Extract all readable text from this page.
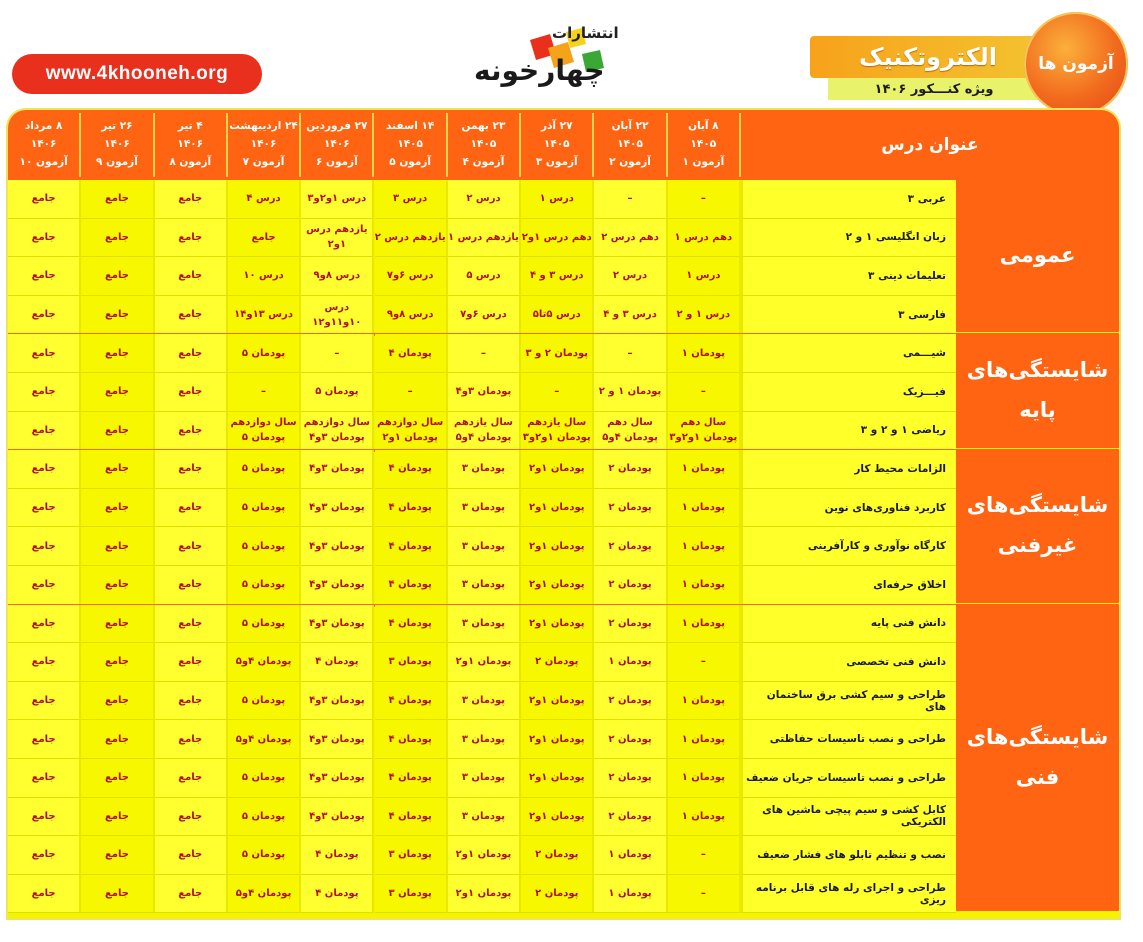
www.4khooneh.org
انتشارات
چهارخونه	الکتروتکنیک
ویژه کنـــکور ۱۴۰۶
آزمون ها
عنوان درس
۸ آبان
۱۴۰۵
آزمون ۱
۲۲ آبان
۱۴۰۵
آزمون ۲
۲۷ آذر
۱۴۰۵
آزمون ۳
۲۳ بهمن
۱۴۰۵
آزمون ۴
۱۴ اسفند
۱۴۰۵
آزمون ۵
۲۷ فروردین
۱۴۰۶
آزمون ۶
۲۴ اردیبهشت
۱۴۰۶
آزمون ۷
۴ تیر
۱۴۰۶
آزمون ۸
۲۶ تیر
۱۴۰۶
آزمون ۹
۸ مرداد
۱۴۰۶
آزمون ۱۰
عمومی
عربی ۳
–
–
درس ۱
درس ۲
درس ۳
درس ۱و۲و۳
درس ۴
جامع
جامع
جامع
زبان انگلیسی ۱ و ۲
دهم درس ۱
دهم درس ۲
دهم درس ۱و۲
یازدهم درس ۱
یازدهم درس ۲
یازدهم درس ۱و۲
جامع
جامع
جامع
جامع
تعلیمات دینی ۳
درس ۱
درس ۲
درس ۳ و ۴
درس ۵
درس ۶و۷
درس ۸و۹
درس ۱۰
جامع
جامع
جامع
فارسی ۳
درس ۱ و ۲
درس ۳ و ۴
درس ۵تا۵
درس ۶و۷
درس ۸و۹
درس ۱۰و۱۱و۱۲
درس ۱۳و۱۴
جامع
جامع
جامع
شایستگی‌های
پایه
شیـــمی
پودمان ۱
–
پودمان ۲ و ۳
–
پودمان ۴
–
پودمان ۵
جامع
جامع
جامع
فیـــزیک
–
پودمان ۱ و ۲
–
پودمان ۳و۴
–
پودمان ۵
–
جامع
جامع
جامع
ریاضی ۱ و ۲ و ۳
سال دهم
پودمان ۱و۲و۳
سال دهم
پودمان ۴و۵
سال یازدهم
پودمان ۱و۲و۳
سال یازدهم
پودمان ۴و۵
سال دوازدهم
پودمان ۱و۲
سال دوازدهم
پودمان ۳و۴
سال دوازدهم
پودمان ۵
جامع
جامع
جامع
شایستگی‌های
غیرفنی
الزامات محیط کار
پودمان ۱
پودمان ۲
پودمان ۱و۲
پودمان ۳
پودمان ۴
پودمان ۳و۴
پودمان ۵
جامع
جامع
جامع
کاربرد فناوری‌های نوین
پودمان ۱
پودمان ۲
پودمان ۱و۲
پودمان ۳
پودمان ۴
پودمان ۳و۴
پودمان ۵
جامع
جامع
جامع
کارگاه نوآوری و کارآفرینی
پودمان ۱
پودمان ۲
پودمان ۱و۲
پودمان ۳
پودمان ۴
پودمان ۳و۴
پودمان ۵
جامع
جامع
جامع
اخلاق حرفه‌ای
پودمان ۱
پودمان ۲
پودمان ۱و۲
پودمان ۳
پودمان ۴
پودمان ۳و۴
پودمان ۵
جامع
جامع
جامع
شایستگی‌های
فنی
دانش فنی پایه
پودمان ۱
پودمان ۲
پودمان ۱و۲
پودمان ۳
پودمان ۴
پودمان ۳و۴
پودمان ۵
جامع
جامع
جامع
دانش فنی تخصصی
–
پودمان ۱
پودمان ۲
پودمان ۱و۲
پودمان ۳
پودمان ۴
پودمان ۴و۵
جامع
جامع
جامع
طراحی و سیم کشی برق ساختمان های
پودمان ۱
پودمان ۲
پودمان ۱و۲
پودمان ۳
پودمان ۴
پودمان ۳و۴
پودمان ۵
جامع
جامع
جامع
طراحی و نصب تاسیسات حفاظتی
پودمان ۱
پودمان ۲
پودمان ۱و۲
پودمان ۳
پودمان ۴
پودمان ۳و۴
پودمان ۴و۵
جامع
جامع
جامع
طراحی و نصب تاسیسات جریان ضعیف
پودمان ۱
پودمان ۲
پودمان ۱و۲
پودمان ۳
پودمان ۴
پودمان ۳و۴
پودمان ۵
جامع
جامع
جامع
کابل کشی و سیم پیچی ماشین های الکتریکی
پودمان ۱
پودمان ۲
پودمان ۱و۲
پودمان ۳
پودمان ۴
پودمان ۳و۴
پودمان ۵
جامع
جامع
جامع
نصب و تنظیم تابلو های فشار ضعیف
–
پودمان ۱
پودمان ۲
پودمان ۱و۲
پودمان ۳
پودمان ۴
پودمان ۵
جامع
جامع
جامع
طراحی و اجرای رله های قابل برنامه ریزی
–
پودمان ۱
پودمان ۲
پودمان ۱و۲
پودمان ۳
پودمان ۴
پودمان ۴و۵
جامع
جامع
جامع
